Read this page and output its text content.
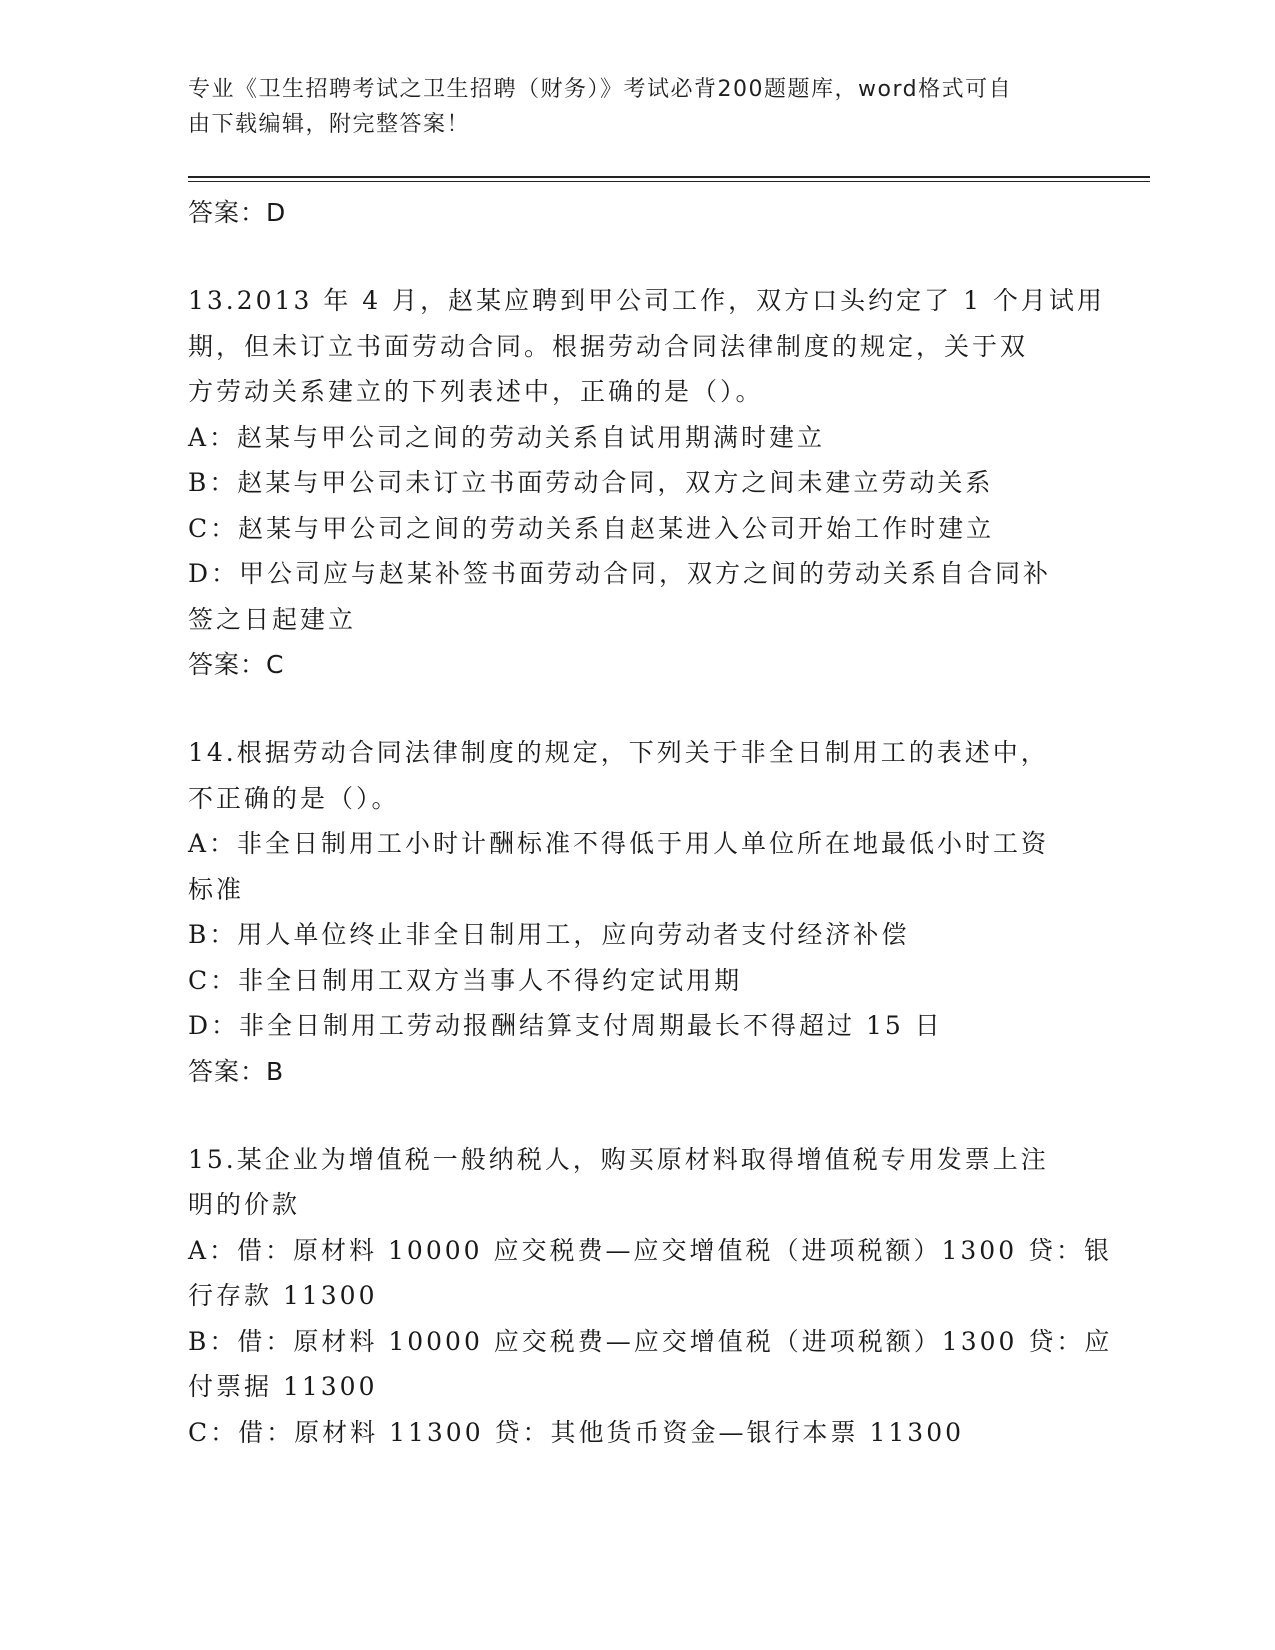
专业《卫生招聘考试之卫生招聘（财务）》考试必背200题题库，word格式可自
由下载编辑，附完整答案！

答案：D

13.2013 年 4 月，赵某应聘到甲公司工作，双方口头约定了 1 个月试用

期，但未订立书面劳动合同。根据劳动合同法律制度的规定，关于双

方劳动关系建立的下列表述中，正确的是（）。

A：赵某与甲公司之间的劳动关系自试用期满时建立

B：赵某与甲公司未订立书面劳动合同，双方之间未建立劳动关系

C：赵某与甲公司之间的劳动关系自赵某进入公司开始工作时建立

D：甲公司应与赵某补签书面劳动合同，双方之间的劳动关系自合同补

签之日起建立

答案：C

14.根据劳动合同法律制度的规定，下列关于非全日制用工的表述中，

不正确的是（）。

A：非全日制用工小时计酬标准不得低于用人单位所在地最低小时工资

标准

B：用人单位终止非全日制用工，应向劳动者支付经济补偿

C：非全日制用工双方当事人不得约定试用期

D：非全日制用工劳动报酬结算支付周期最长不得超过 15 日

答案：B

15.某企业为增值税一般纳税人，购买原材料取得增值税专用发票上注

明的价款

A：借：原材料 10000 应交税费—应交增值税（进项税额）1300 贷：银

行存款 11300

B：借：原材料 10000 应交税费—应交增值税（进项税额）1300 贷：应

付票据 11300

C：借：原材料 11300 贷：其他货币资金—银行本票 11300
